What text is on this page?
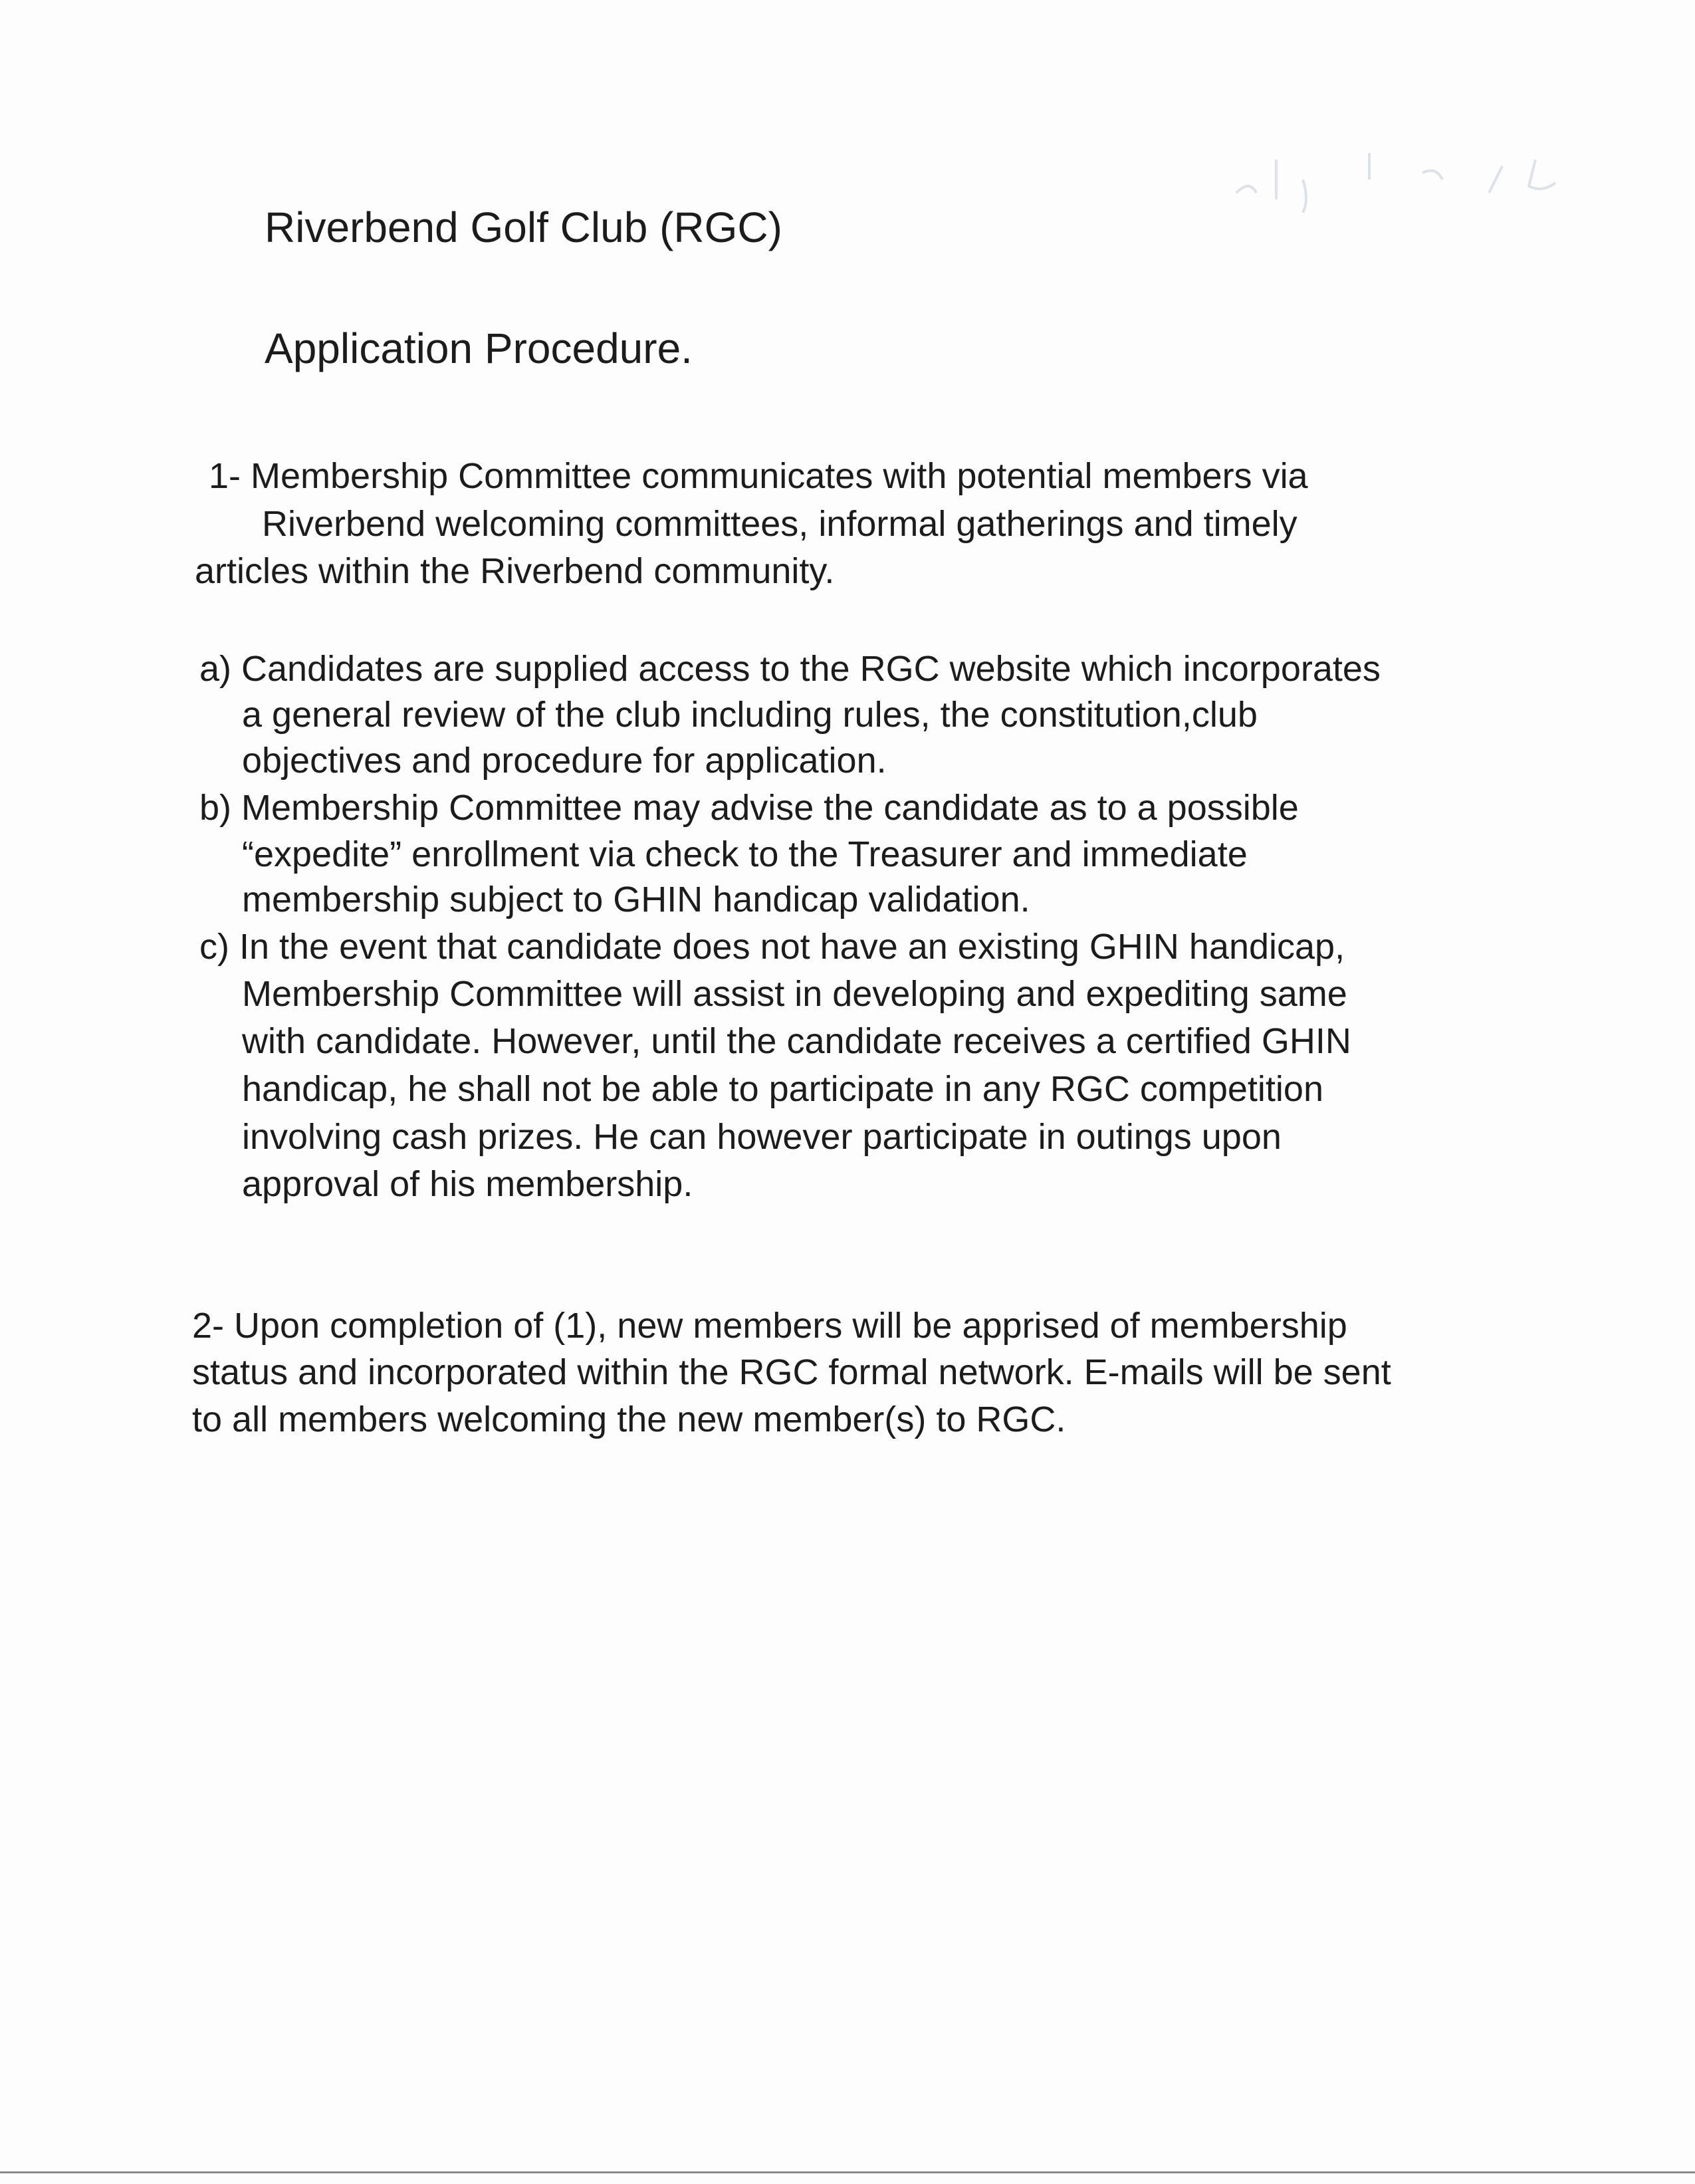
Riverbend Golf Club (RGC)
Application Procedure.
1- Membership Committee communicates with potential members via
Riverbend welcoming committees, informal gatherings and timely
articles within the Riverbend community.
a) Candidates are supplied access to the RGC website which incorporates
a general review of the club including rules, the constitution,club
objectives and procedure for application.
b) Membership Committee may advise the candidate as to a possible
“expedite” enrollment via check to the Treasurer and immediate
membership subject to GHIN handicap validation.
c) In the event that candidate does not have an existing GHIN handicap,
Membership Committee will assist in developing and expediting same
with candidate. However, until the candidate receives a certified GHIN
handicap, he shall not be able to participate in any RGC competition
involving cash prizes. He can however participate in outings upon
approval of his membership.
2- Upon completion of (1), new members will be apprised of membership
status and incorporated within the RGC formal network. E-mails will be sent
to all members welcoming the new member(s) to RGC.
